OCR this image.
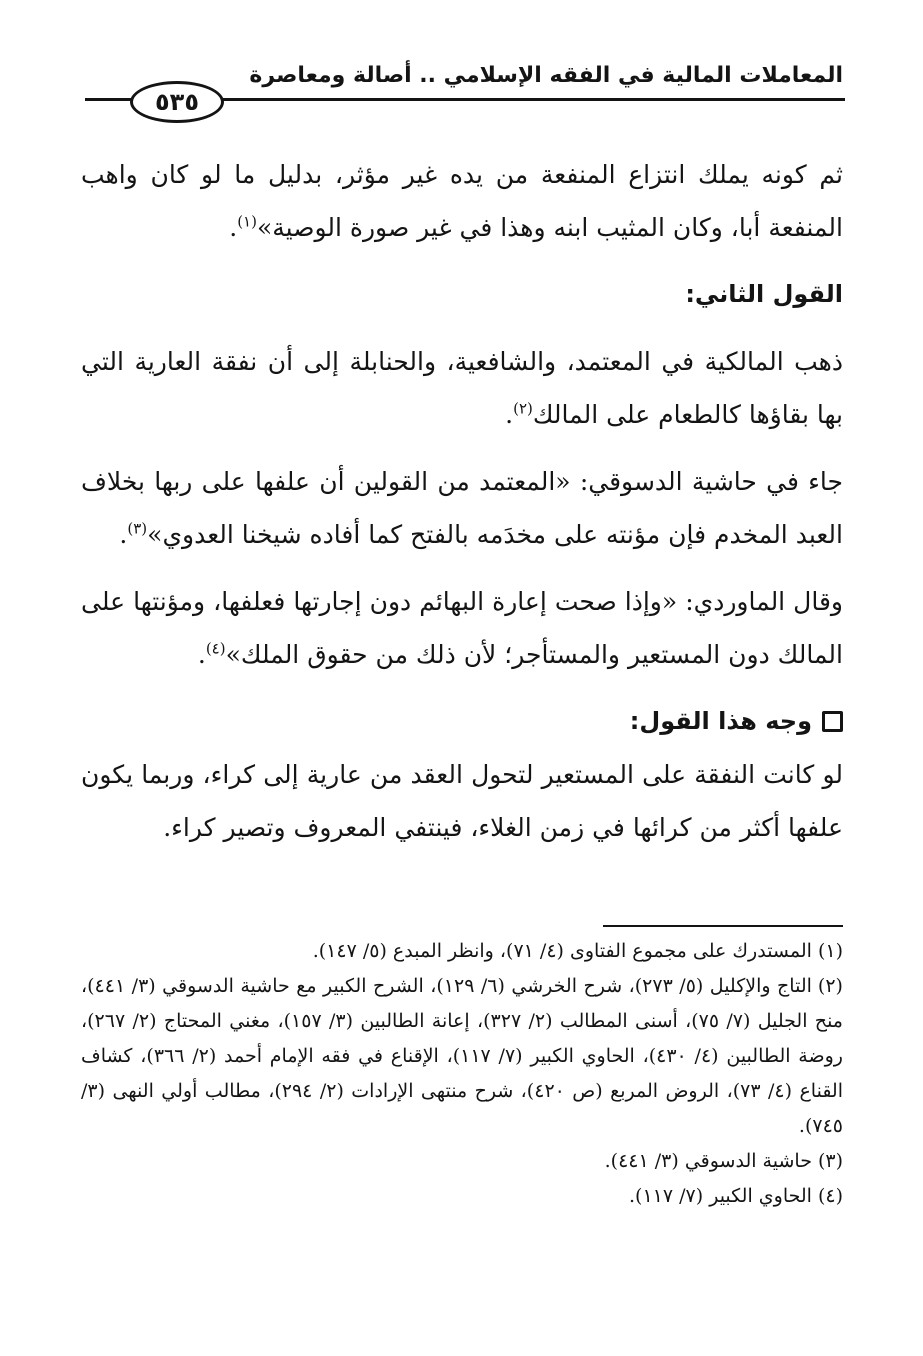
المعاملات المالية في الفقه الإسلامي .. أصالة ومعاصرة
٥٣٥

ثم كونه يملك انتزاع المنفعة من يده غير مؤثر، بدليل ما لو كان واهب المنفعة أبا، وكان المثيب ابنه وهذا في غير صورة الوصية»$^{(١)}$.

القول الثاني:

ذهب المالكية في المعتمد، والشافعية، والحنابلة إلى أن نفقة العارية التي بها بقاؤها كالطعام على المالك$^{(٢)}$.

جاء في حاشية الدسوقي: «المعتمد من القولين أن علفها على ربها بخلاف العبد المخدم فإن مؤنته على مخدَمه بالفتح كما أفاده شيخنا العدوي»$^{(٣)}$.

وقال الماوردي: «وإذا صحت إعارة البهائم دون إجارتها فعلفها، ومؤنتها على المالك دون المستعير والمستأجر؛ لأن ذلك من حقوق الملك»$^{(٤)}$.

وجه هذا القول:

لو كانت النفقة على المستعير لتحول العقد من عارية إلى كراء، وربما يكون علفها أكثر من كرائها في زمن الغلاء، فينتفي المعروف وتصير كراء.

(١)المستدرك على مجموع الفتاوى (٤/ ٧١)، وانظر المبدع (٥/ ١٤٧).

(٢)التاج والإكليل (٥/ ٢٧٣)، شرح الخرشي (٦/ ١٢٩)، الشرح الكبير مع حاشية الدسوقي (٣/ ٤٤١)، منح الجليل (٧/ ٧٥)، أسنى المطالب (٢/ ٣٢٧)، إعانة الطالبين (٣/ ١٥٧)، مغني المحتاج (٢/ ٢٦٧)، روضة الطالبين (٤/ ٤٣٠)، الحاوي الكبير (٧/ ١١٧)، الإقناع في فقه الإمام أحمد (٢/ ٣٦٦)، كشاف القناع (٤/ ٧٣)، الروض المربع (ص ٤٢٠)، شرح منتهى الإرادات (٢/ ٢٩٤)، مطالب أولي النهى (٣/ ٧٤٥).

(٣)حاشية الدسوقي (٣/ ٤٤١).

(٤)الحاوي الكبير (٧/ ١١٧).
